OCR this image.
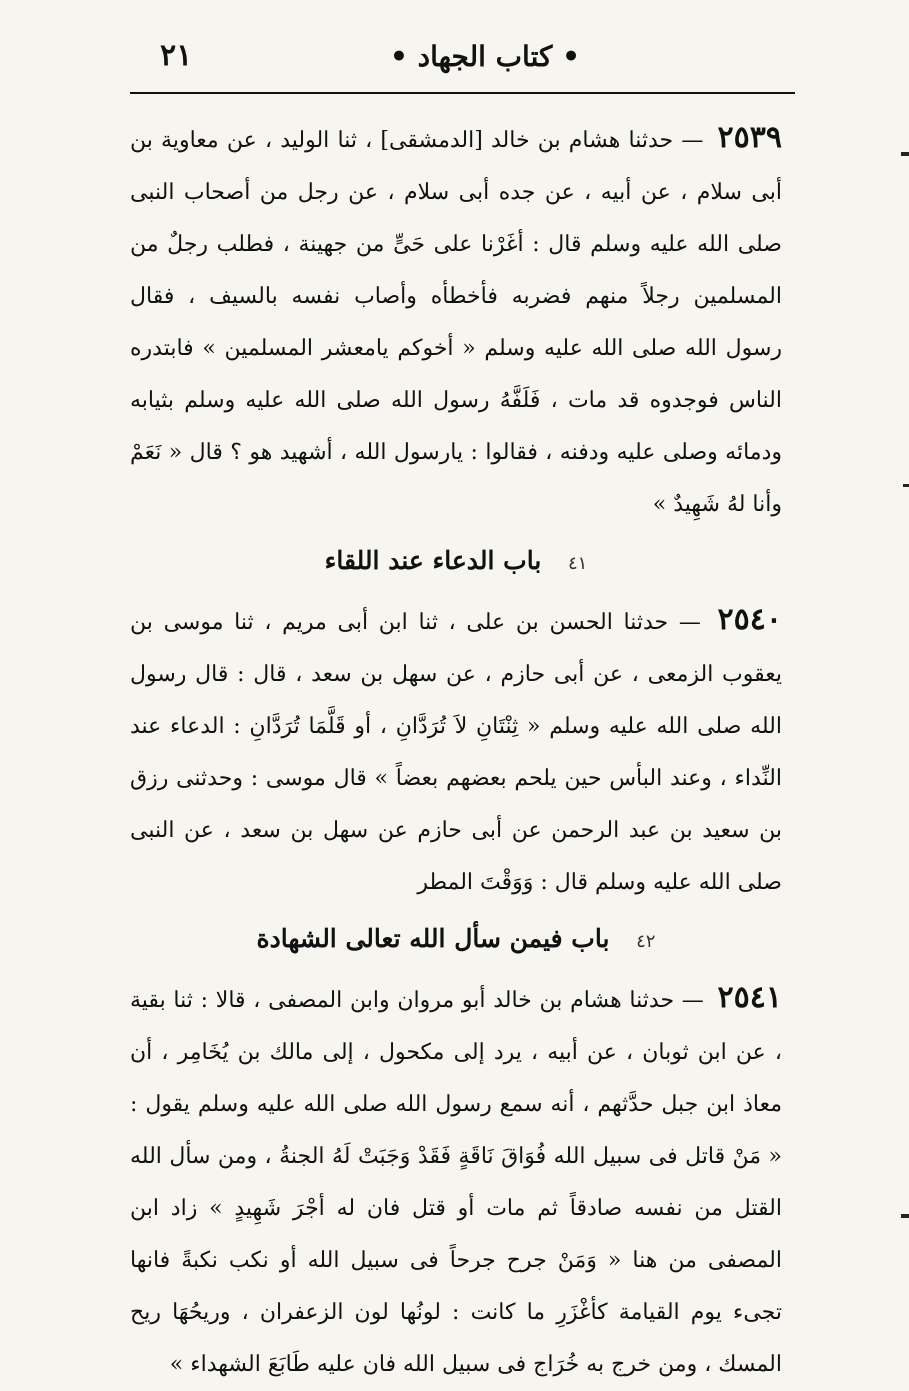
• كتاب الجهاد •
٢١

٢٥٣٩ — حدثنا هشام بن خالد [الدمشقى] ، ثنا الوليد ، عن معاوية بن أبى سلام ، عن أبيه ، عن جده أبى سلام ، عن رجل من أصحاب النبى صلى الله عليه وسلم قال : أغَرْنا على حَىٍّ من جهينة ، فطلب رجلٌ من المسلمين رجلاً منهم فضربه فأخطأه وأصاب نفسه بالسيف ، فقال رسول الله صلى الله عليه وسلم « أخوكم يامعشر المسلمين » فابتدره الناس فوجدوه قد مات ، فَلَفَّهُ رسول الله صلى الله عليه وسلم بثيابه ودمائه وصلى عليه ودفنه ، فقالوا : يارسول الله ، أشهيد هو ؟ قال « نَعَمْ وأنا لهُ شَهِيدٌ »

٤١ باب الدعاء عند اللقاء

٢٥٤٠ — حدثنا الحسن بن على ، ثنا ابن أبى مريم ، ثنا موسى بن يعقوب الزمعى ، عن أبى حازم ، عن سهل بن سعد ، قال : قال رسول الله صلى الله عليه وسلم « ثِنْتَانِ لاَ تُرَدَّانِ ، أو قَلَّمَا تُرَدَّانِ : الدعاء عند النِّداء ، وعند البأس حين يلحم بعضهم بعضاً » قال موسى : وحدثنى رزق بن سعيد بن عبد الرحمن عن أبى حازم عن سهل بن سعد ، عن النبى صلى الله عليه وسلم قال : وَوَقْتَ المطر

٤٢ باب فيمن سأل الله تعالى الشهادة

٢٥٤١ — حدثنا هشام بن خالد أبو مروان وابن المصفى ، قالا : ثنا بقية ، عن ابن ثوبان ، عن أبيه ، يرد إلى مكحول ، إلى مالك بن يُخَامِر ، أن معاذ ابن جبل حدَّثهم ، أنه سمع رسول الله صلى الله عليه وسلم يقول : « مَنْ قاتل فى سبيل الله فُوَاقَ نَاقَةٍ فَقَدْ وَجَبَتْ لَهُ الجنةُ ، ومن سأل الله القتل من نفسه صادقاً ثم مات أو قتل فان له أجْرَ شَهِيدٍ » زاد ابن المصفى من هنا « وَمَنْ جرح جرحاً فى سبيل الله أو نكب نكبةً فانها تجىء يوم القيامة كأغْزَرِ ما كانت : لونُها لون الزعفران ، وريحُهَا ريح المسك ، ومن خرج به خُرَاج فى سبيل الله فان عليه طَابَعَ الشهداء »
